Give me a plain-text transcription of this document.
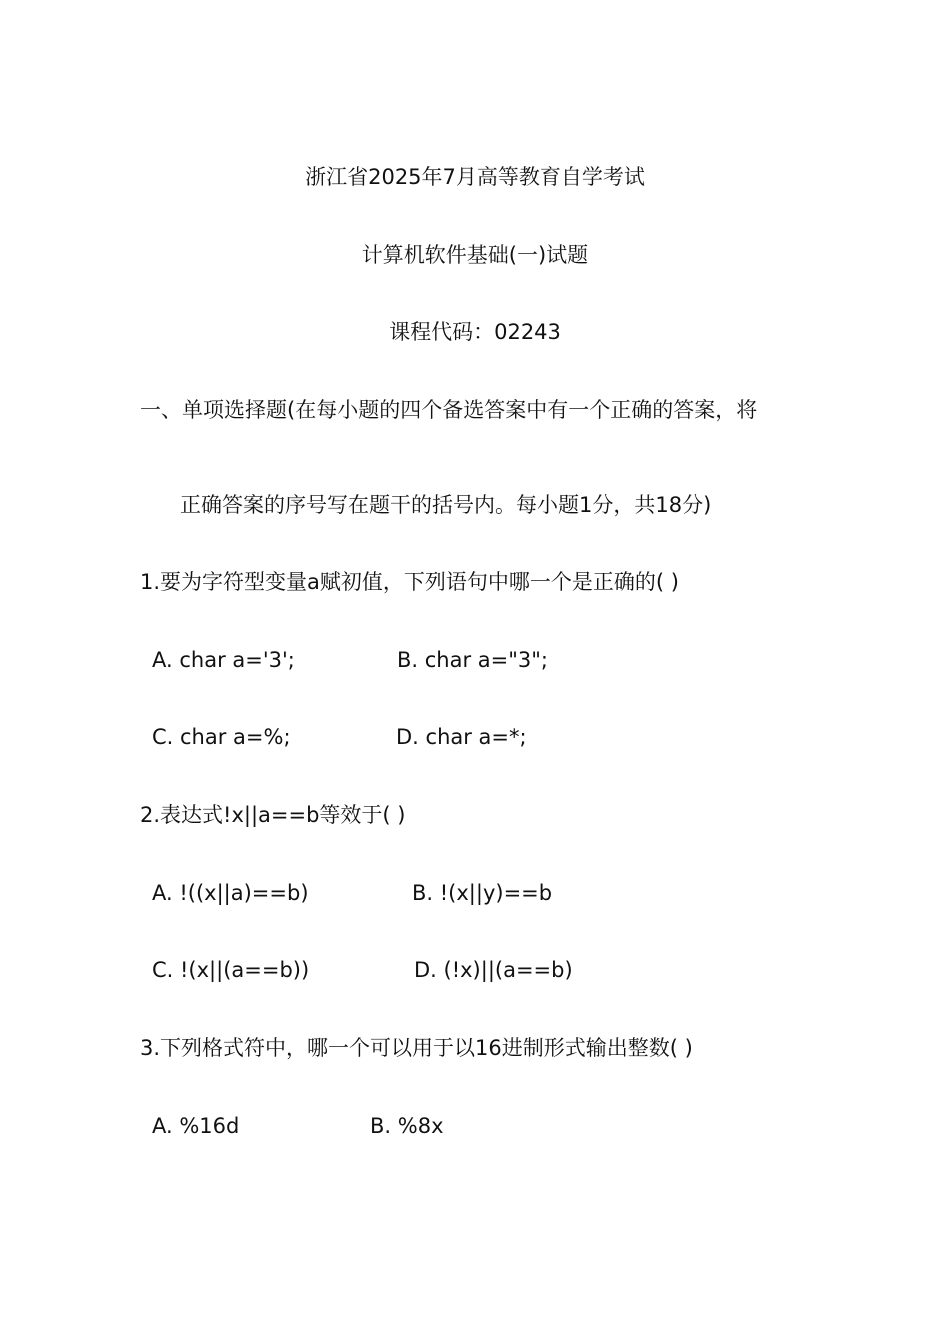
浙江省2025年7月高等教育自学考试
计算机软件基础(一)试题
课程代码：02243
一、单项选择题(在每小题的四个备选答案中有一个正确的答案，将
正确答案的序号写在题干的括号内。每小题1分，共18分)
1.要为字符型变量a赋初值，下列语句中哪一个是正确的( )
A. char a='3';	B. char a="3";
C. char a=%;	D. char a=*;
2.表达式!x||a==b等效于( )
A. !((x||a)==b)	B. !(x||y)==b
C. !(x||(a==b))	D. (!x)||(a==b)
3.下列格式符中，哪一个可以用于以16进制形式输出整数( )
A. %16d	B. %8x
